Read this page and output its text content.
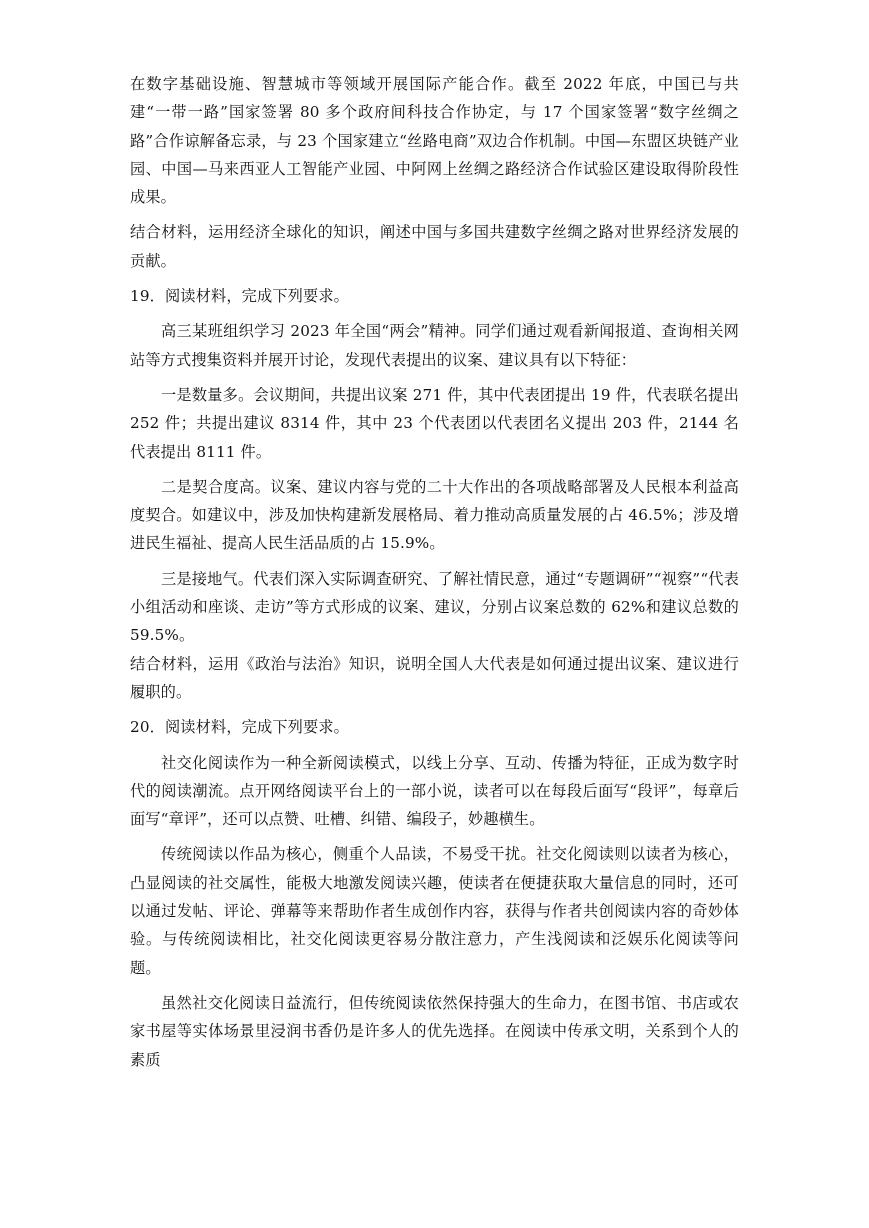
在数字基础设施、智慧城市等领域开展国际产能合作。截至 2022 年底，中国已与共建“一带一路”国家签署 80 多个政府间科技合作协定，与 17 个国家签署“数字丝绸之路”合作谅解备忘录，与 23 个国家建立“丝路电商”双边合作机制。中国—东盟区块链产业园、中国—马来西亚人工智能产业园、中阿网上丝绸之路经济合作试验区建设取得阶段性成果。

结合材料，运用经济全球化的知识，阐述中国与多国共建数字丝绸之路对世界经济发展的贡献。

19．阅读材料，完成下列要求。

高三某班组织学习 2023 年全国“两会”精神。同学们通过观看新闻报道、查询相关网站等方式搜集资料并展开讨论，发现代表提出的议案、建议具有以下特征：

一是数量多。会议期间，共提出议案 271 件，其中代表团提出 19 件，代表联名提出 252 件；共提出建议 8314 件，其中 23 个代表团以代表团名义提出 203 件，2144 名代表提出 8111 件。

二是契合度高。议案、建议内容与党的二十大作出的各项战略部署及人民根本利益高度契合。如建议中，涉及加快构建新发展格局、着力推动高质量发展的占 46.5%；涉及增进民生福祉、提高人民生活品质的占 15.9%。

三是接地气。代表们深入实际调查研究、了解社情民意，通过“专题调研”“视察”“代表小组活动和座谈、走访”等方式形成的议案、建议，分别占议案总数的 62%和建议总数的 59.5%。

结合材料，运用《政治与法治》知识，说明全国人大代表是如何通过提出议案、建议进行履职的。

20．阅读材料，完成下列要求。

社交化阅读作为一种全新阅读模式，以线上分享、互动、传播为特征，正成为数字时代的阅读潮流。点开网络阅读平台上的一部小说，读者可以在每段后面写“段评”，每章后面写“章评”，还可以点赞、吐槽、纠错、编段子，妙趣横生。

传统阅读以作品为核心，侧重个人品读，不易受干扰。社交化阅读则以读者为核心，凸显阅读的社交属性，能极大地激发阅读兴趣，使读者在便捷获取大量信息的同时，还可以通过发帖、评论、弹幕等来帮助作者生成创作内容，获得与作者共创阅读内容的奇妙体验。与传统阅读相比，社交化阅读更容易分散注意力，产生浅阅读和泛娱乐化阅读等问题。

虽然社交化阅读日益流行，但传统阅读依然保持强大的生命力，在图书馆、书店或农家书屋等实体场景里浸润书香仍是许多人的优先选择。在阅读中传承文明，关系到个人的素质
